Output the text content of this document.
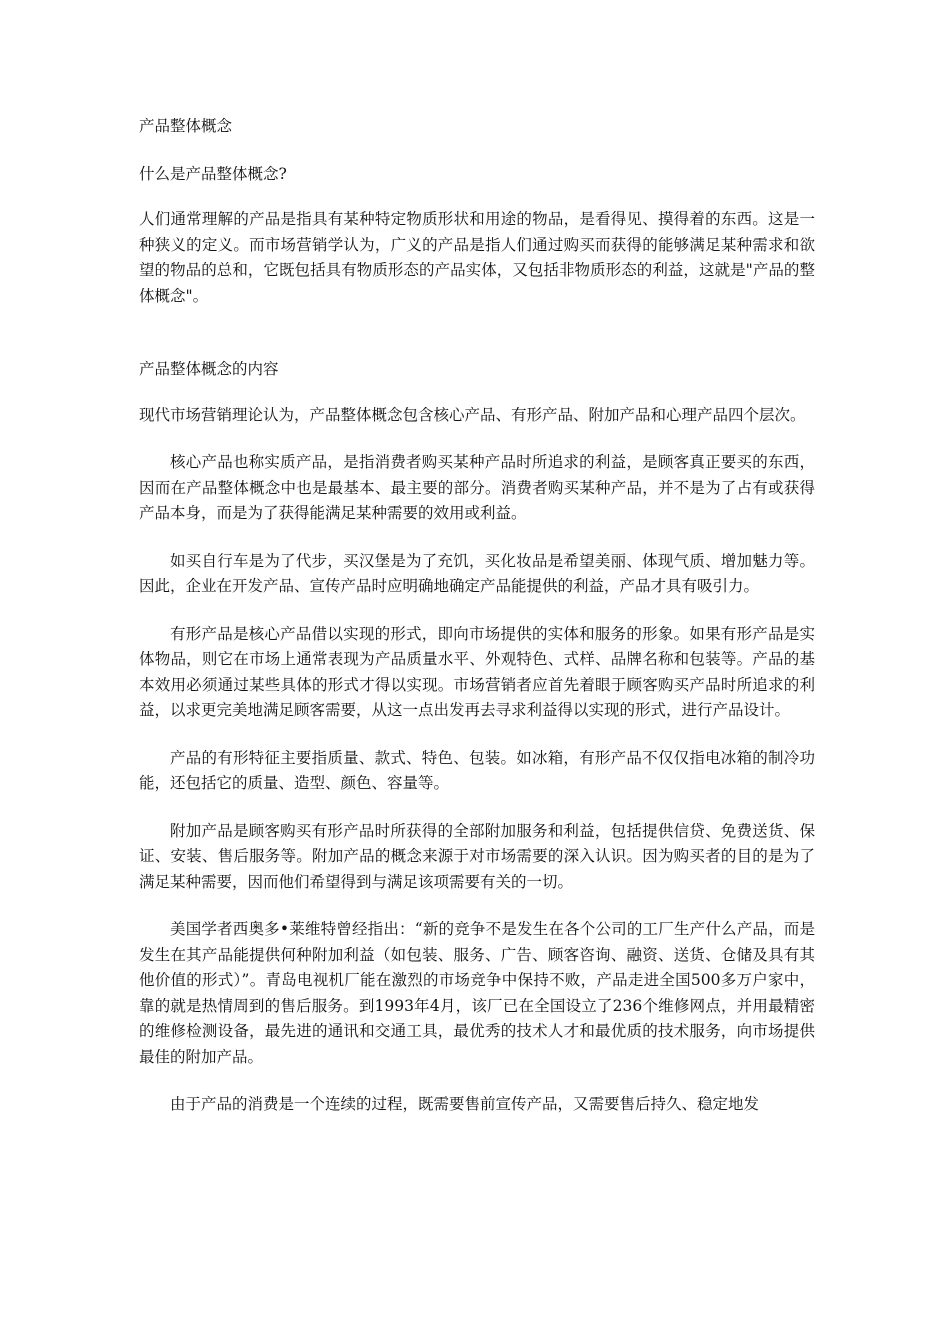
产品整体概念

什么是产品整体概念?

人们通常理解的产品是指具有某种特定物质形状和用途的物品，是看得见、摸得着的东西。这是一种狭义的定义。而市场营销学认为，广义的产品是指人们通过购买而获得的能够满足某种需求和欲望的物品的总和，它既包括具有物质形态的产品实体，又包括非物质形态的利益，这就是"产品的整体概念"。

产品整体概念的内容

现代市场营销理论认为，产品整体概念包含核心产品、有形产品、附加产品和心理产品四个层次。

核心产品也称实质产品，是指消费者购买某种产品时所追求的利益，是顾客真正要买的东西，因而在产品整体概念中也是最基本、最主要的部分。消费者购买某种产品，并不是为了占有或获得产品本身，而是为了获得能满足某种需要的效用或利益。

如买自行车是为了代步，买汉堡是为了充饥，买化妆品是希望美丽、体现气质、增加魅力等。因此，企业在开发产品、宣传产品时应明确地确定产品能提供的利益，产品才具有吸引力。

有形产品是核心产品借以实现的形式，即向市场提供的实体和服务的形象。如果有形产品是实体物品，则它在市场上通常表现为产品质量水平、外观特色、式样、品牌名称和包装等。产品的基本效用必须通过某些具体的形式才得以实现。市场营销者应首先着眼于顾客购买产品时所追求的利益，以求更完美地满足顾客需要，从这一点出发再去寻求利益得以实现的形式，进行产品设计。

产品的有形特征主要指质量、款式、特色、包装。如冰箱，有形产品不仅仅指电冰箱的制冷功能，还包括它的质量、造型、颜色、容量等。

附加产品是顾客购买有形产品时所获得的全部附加服务和利益，包括提供信贷、免费送货、保证、安装、售后服务等。附加产品的概念来源于对市场需要的深入认识。因为购买者的目的是为了满足某种需要，因而他们希望得到与满足该项需要有关的一切。

美国学者西奥多•莱维特曾经指出：“新的竞争不是发生在各个公司的工厂生产什么产品，而是发生在其产品能提供何种附加利益（如包装、服务、广告、顾客咨询、融资、送货、仓储及具有其他价值的形式）”。青岛电视机厂能在激烈的市场竞争中保持不败，产品走进全国500多万户家中，靠的就是热情周到的售后服务。到1993年4月，该厂已在全国设立了236个维修网点，并用最精密的维修检测设备，最先进的通讯和交通工具，最优秀的技术人才和最优质的技术服务，向市场提供最佳的附加产品。

由于产品的消费是一个连续的过程，既需要售前宣传产品，又需要售后持久、稳定地发
